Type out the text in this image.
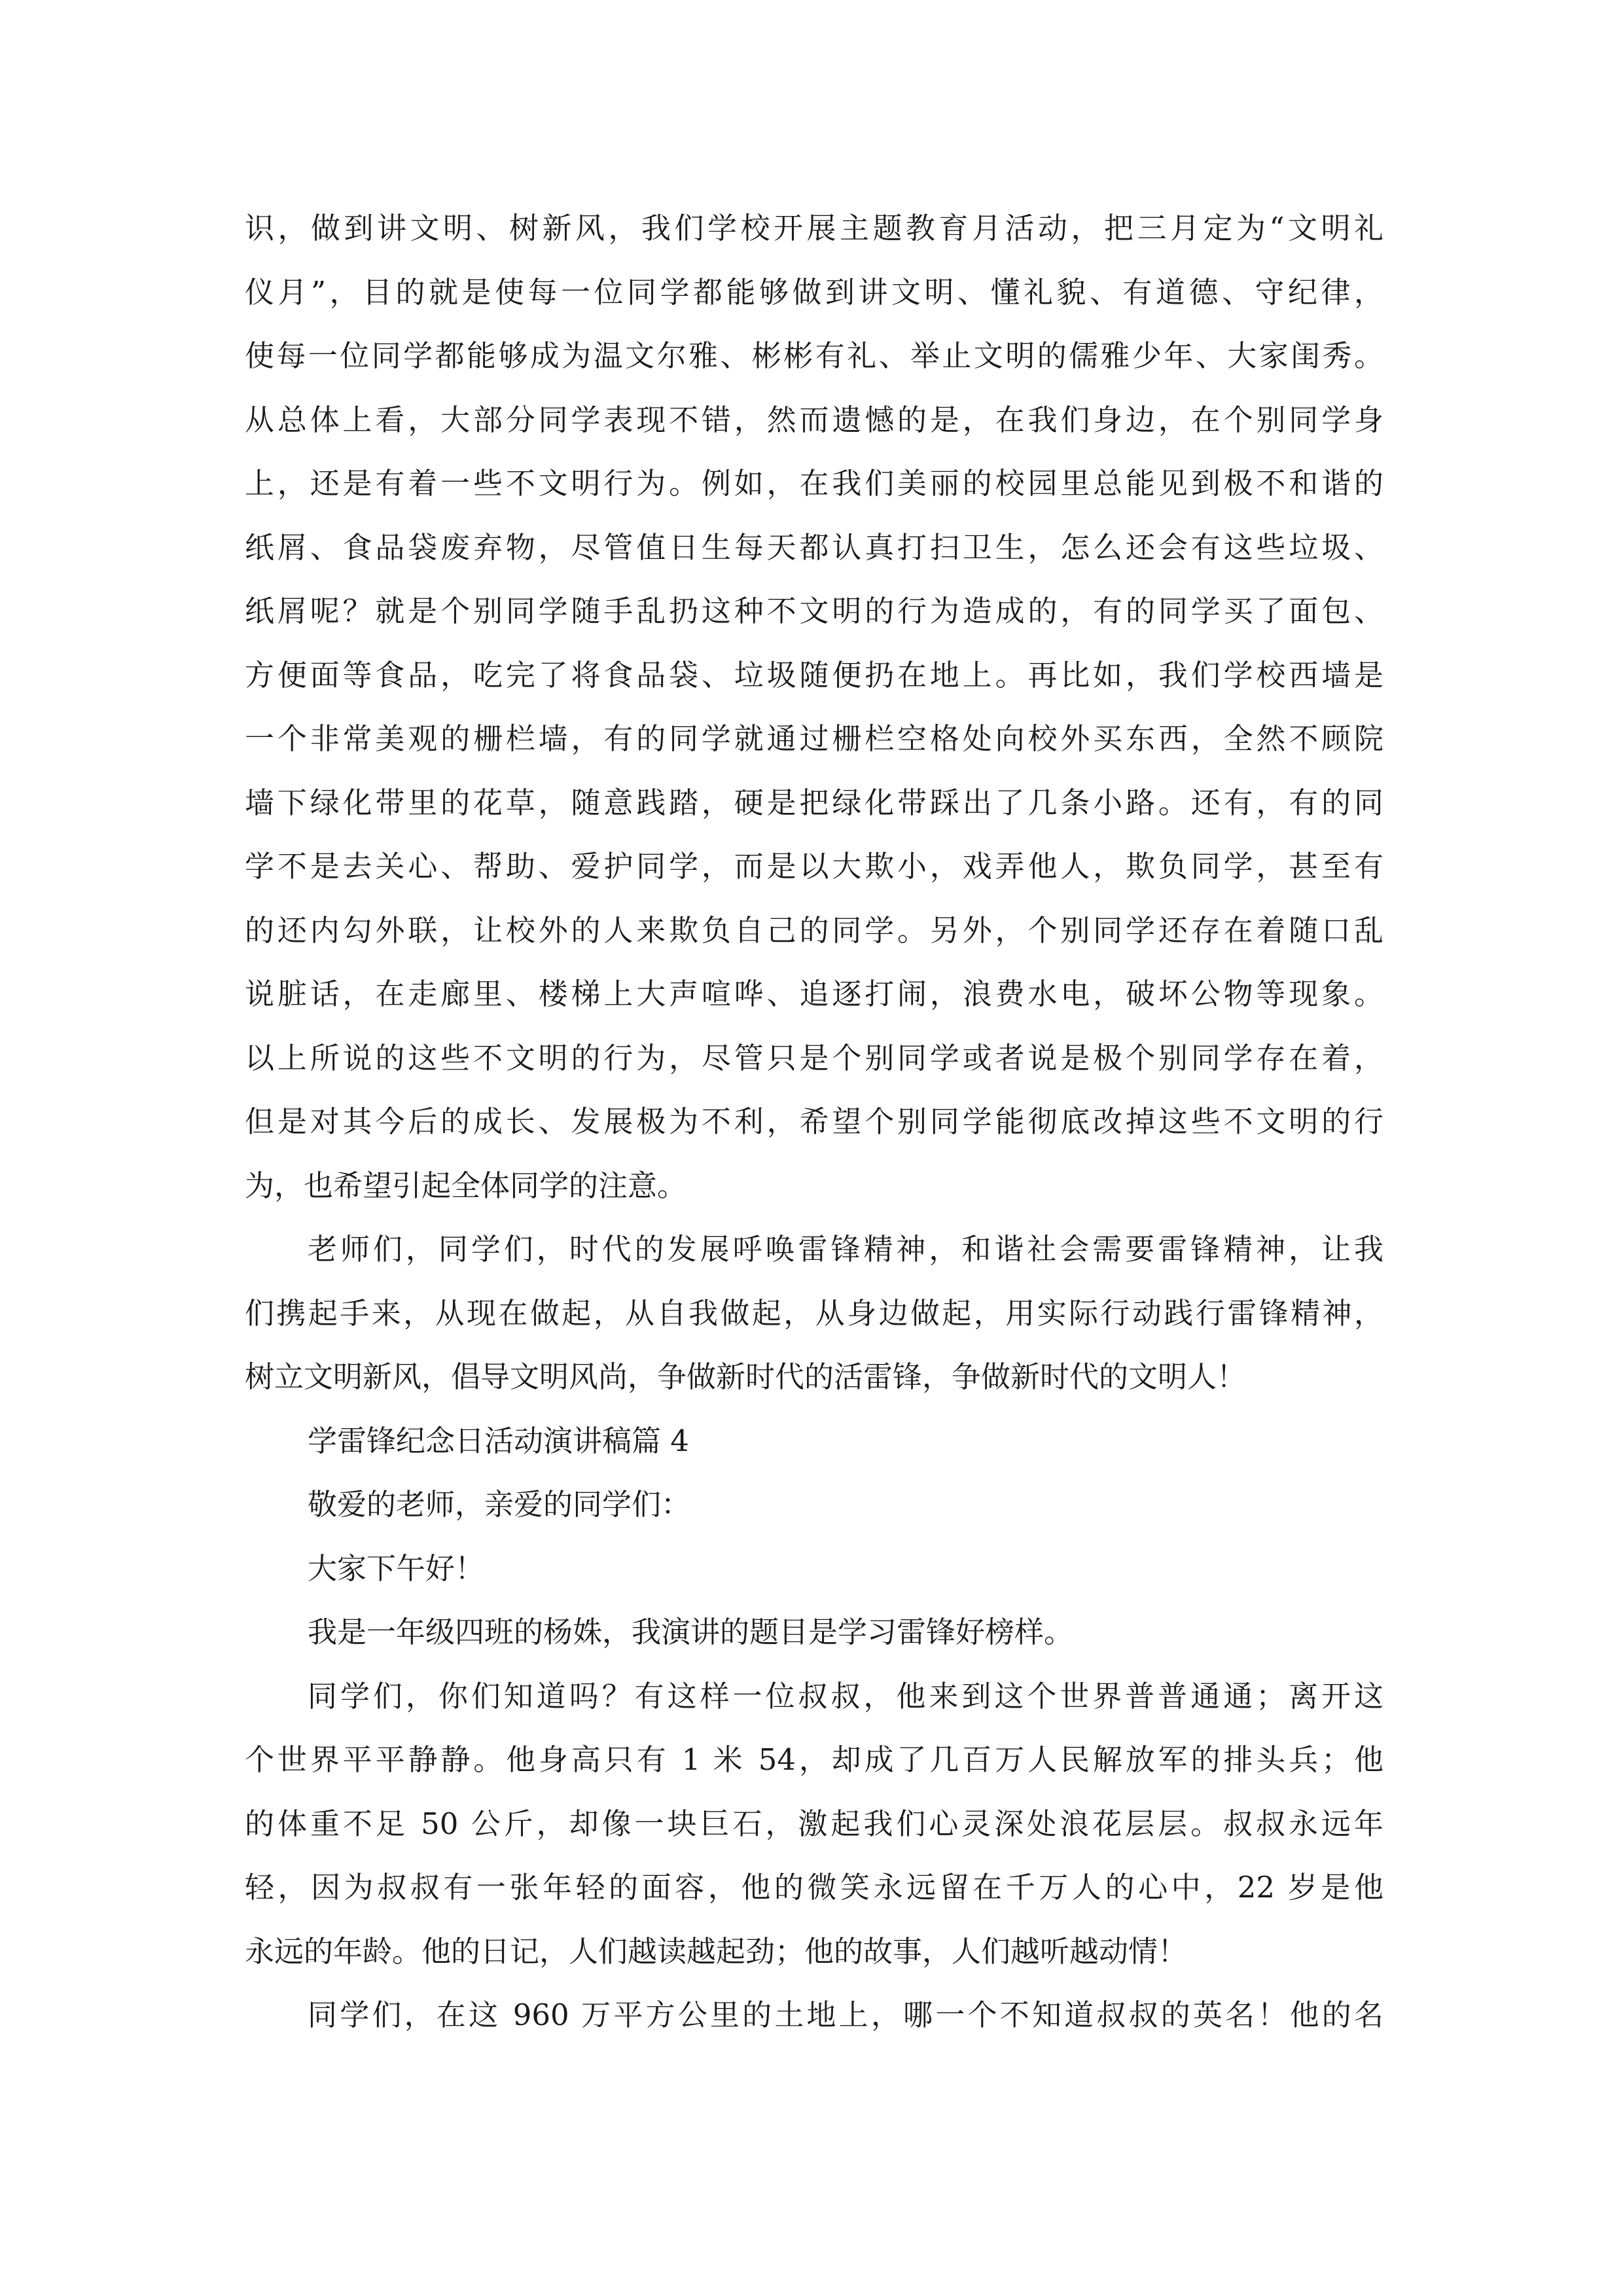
识，做到讲文明、树新风，我们学校开展主题教育月活动，把三月定为“文明礼
仪月”，目的就是使每一位同学都能够做到讲文明、懂礼貌、有道德、守纪律，
使每一位同学都能够成为温文尔雅、彬彬有礼、举止文明的儒雅少年、大家闺秀。
从总体上看，大部分同学表现不错，然而遗憾的是，在我们身边，在个别同学身
上，还是有着一些不文明行为。例如，在我们美丽的校园里总能见到极不和谐的
纸屑、食品袋废弃物，尽管值日生每天都认真打扫卫生，怎么还会有这些垃圾、
纸屑呢？就是个别同学随手乱扔这种不文明的行为造成的，有的同学买了面包、
方便面等食品，吃完了将食品袋、垃圾随便扔在地上。再比如，我们学校西墙是
一个非常美观的栅栏墙，有的同学就通过栅栏空格处向校外买东西，全然不顾院
墙下绿化带里的花草，随意践踏，硬是把绿化带踩出了几条小路。还有，有的同
学不是去关心、帮助、爱护同学，而是以大欺小，戏弄他人，欺负同学，甚至有
的还内勾外联，让校外的人来欺负自己的同学。另外，个别同学还存在着随口乱
说脏话，在走廊里、楼梯上大声喧哗、追逐打闹，浪费水电，破坏公物等现象。
以上所说的这些不文明的行为，尽管只是个别同学或者说是极个别同学存在着，
但是对其今后的成长、发展极为不利，希望个别同学能彻底改掉这些不文明的行
为，也希望引起全体同学的注意。
老师们，同学们，时代的发展呼唤雷锋精神，和谐社会需要雷锋精神，让我
们携起手来，从现在做起，从自我做起，从身边做起，用实际行动践行雷锋精神，
树立文明新风，倡导文明风尚，争做新时代的活雷锋，争做新时代的文明人！
学雷锋纪念日活动演讲稿篇 4
敬爱的老师，亲爱的同学们：
大家下午好！
我是一年级四班的杨姝，我演讲的题目是学习雷锋好榜样。
同学们，你们知道吗？有这样一位叔叔，他来到这个世界普普通通；离开这
个世界平平静静。他身高只有 1 米 54，却成了几百万人民解放军的排头兵；他
的体重不足 50 公斤，却像一块巨石，激起我们心灵深处浪花层层。叔叔永远年
轻，因为叔叔有一张年轻的面容，他的微笑永远留在千万人的心中，22 岁是他
永远的年龄。他的日记，人们越读越起劲；他的故事，人们越听越动情！
同学们，在这 960 万平方公里的土地上，哪一个不知道叔叔的英名！他的名
